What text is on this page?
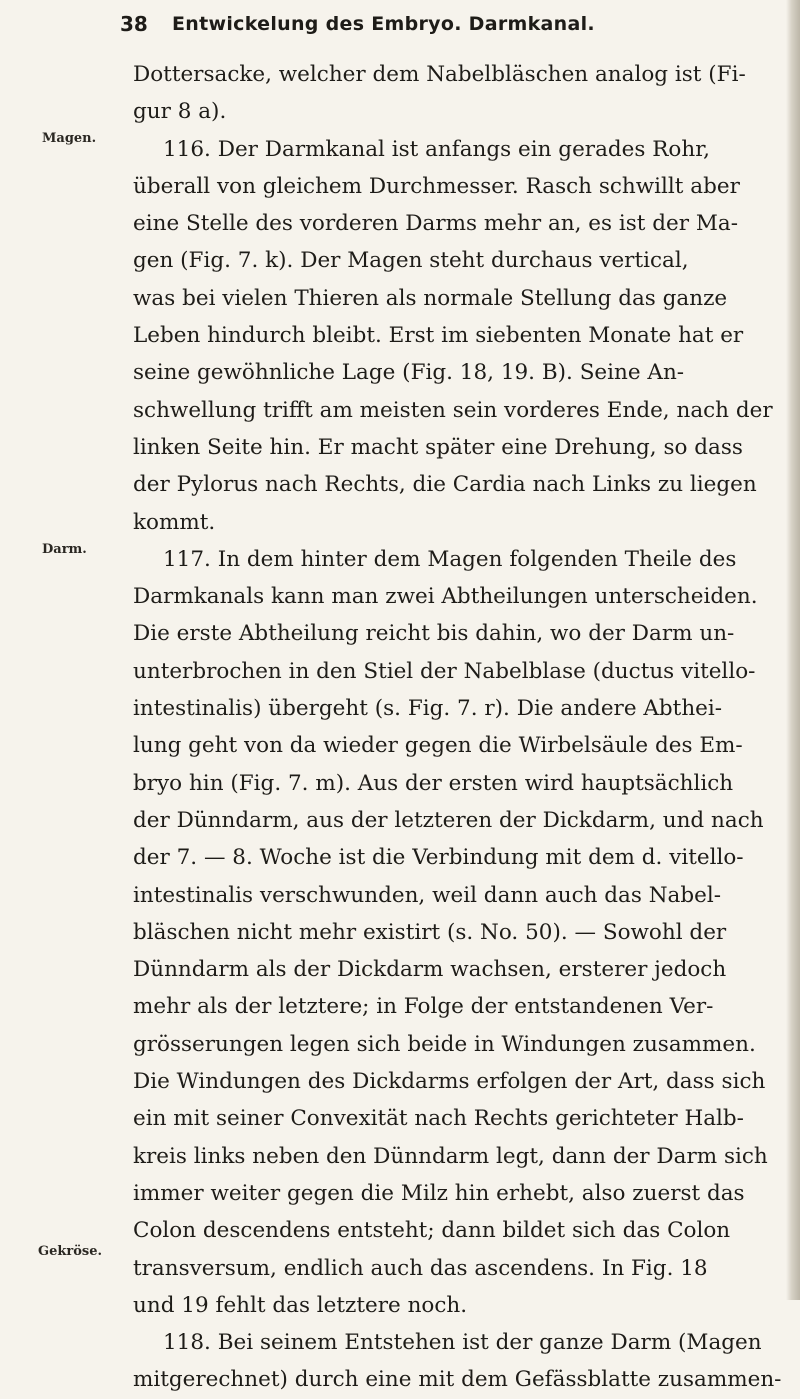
38 Entwickelung des Embryo. Darmkanal.
Magen.
Darm.
Gekröse.
Dottersacke, welcher dem Nabelbläschen analog ist (Fi-
gur 8 a).
116. Der Darmkanal ist anfangs ein gerades Rohr,
überall von gleichem Durchmesser. Rasch schwillt aber
eine Stelle des vorderen Darms mehr an, es ist der Ma-
gen (Fig. 7. k). Der Magen steht durchaus vertical,
was bei vielen Thieren als normale Stellung das ganze
Leben hindurch bleibt. Erst im siebenten Monate hat er
seine gewöhnliche Lage (Fig. 18, 19. B). Seine An-
schwellung trifft am meisten sein vorderes Ende, nach der
linken Seite hin. Er macht später eine Drehung, so dass
der Pylorus nach Rechts, die Cardia nach Links zu liegen
kommt.
117. In dem hinter dem Magen folgenden Theile des
Darmkanals kann man zwei Abtheilungen unterscheiden.
Die erste Abtheilung reicht bis dahin, wo der Darm un-
unterbrochen in den Stiel der Nabelblase (ductus vitello-
intestinalis) übergeht (s. Fig. 7. r). Die andere Abthei-
lung geht von da wieder gegen die Wirbelsäule des Em-
bryo hin (Fig. 7. m). Aus der ersten wird hauptsächlich
der Dünndarm, aus der letzteren der Dickdarm, und nach
der 7. — 8. Woche ist die Verbindung mit dem d. vitello-
intestinalis verschwunden, weil dann auch das Nabel-
bläschen nicht mehr existirt (s. No. 50). — Sowohl der
Dünndarm als der Dickdarm wachsen, ersterer jedoch
mehr als der letztere; in Folge der entstandenen Ver-
grösserungen legen sich beide in Windungen zusammen.
Die Windungen des Dickdarms erfolgen der Art, dass sich
ein mit seiner Convexität nach Rechts gerichteter Halb-
kreis links neben den Dünndarm legt, dann der Darm sich
immer weiter gegen die Milz hin erhebt, also zuerst das
Colon descendens entsteht; dann bildet sich das Colon
transversum, endlich auch das ascendens. In Fig. 18
und 19 fehlt das letztere noch.
118. Bei seinem Entstehen ist der ganze Darm (Magen
mitgerechnet) durch eine mit dem Gefässblatte zusammen-
